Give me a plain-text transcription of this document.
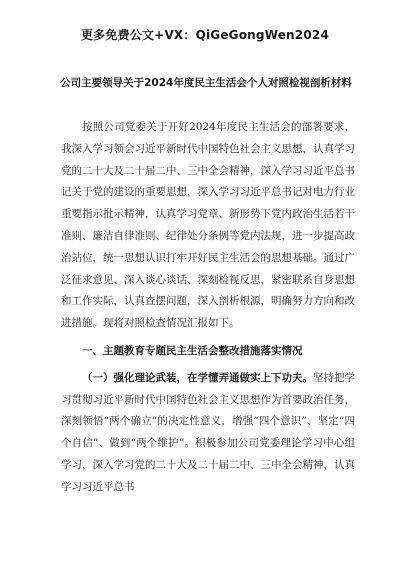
更多免费公文+VX：QiGeGongWen2024
公司主要领导关于2024年度民主生活会个人对照检视剖析材料

按照公司党委关于开好2024年度民主生活会的部署要求，我深入学习领会习近平新时代中国特色社会主义思想，认真学习党的二十大及二十届二中、三中全会精神，深入学习习近平总书记关于党的建设的重要思想，深入学习习近平总书记对电力行业重要指示批示精神，认真学习党章、新形势下党内政治生活若干准则、廉洁自律准则、纪律处分条例等党内法规，进一步提高政治站位，统一思想认识打牢开好民主生活会的思想基础。通过广泛征求意见、深入谈心谈话、深刻检视反思，紧密联系自身思想和工作实际，认真查摆问题，深入剖析根源，明确努力方向和改进措施。现将对照检查情况汇报如下。

一、主题教育专题民主生活会整改措施落实情况

（一）强化理论武装，在学懂弄通做实上下功夫。坚持把学习贯彻习近平新时代中国特色社会主义思想作为首要政治任务，深刻领悟“两个确立”的决定性意义，增强“四个意识”、坚定“四个自信”、做到“两个维护”。积极参加公司党委理论学习中心组学习，深入学习党的二十大及二十届二中、三中全会精神，认真学习习近平总书
